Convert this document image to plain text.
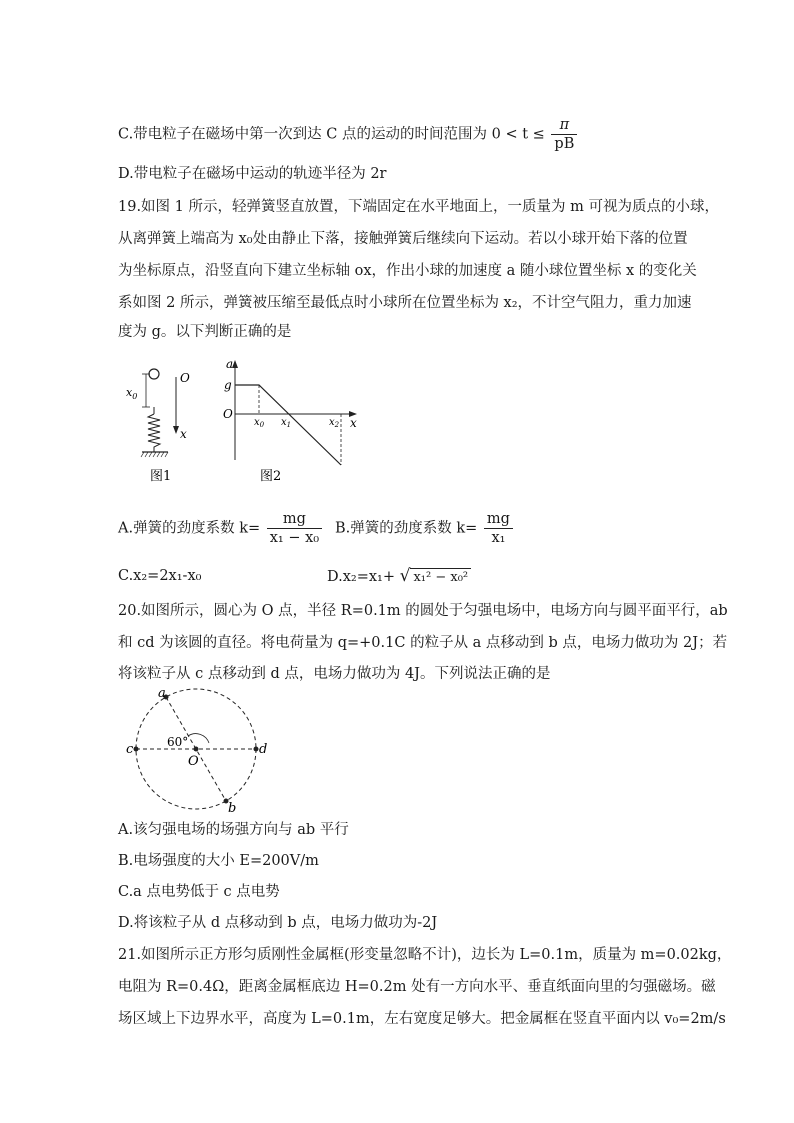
C.带电粒子在磁场中第一次到达 C 点的运动的时间范围为 $0 < t \le \frac{\pi}{pB}$
D.带电粒子在磁场中运动的轨迹半径为 2r
19.如图 1 所示，轻弹簧竖直放置，下端固定在水平地面上，一质量为 m 可视为质点的小球，
从离弹簧上端高为 x₀处由静止下落，接触弹簧后继续向下运动。若以小球开始下落的位置
为坐标原点，沿竖直向下建立坐标轴 ox，作出小球的加速度 a 随小球位置坐标 x 的变化关
系如图 2 所示，弹簧被压缩至最低点时小球所在位置坐标为 x₂，不计空气阻力，重力加速
度为 g。以下判断正确的是
$x_0$
O
x
图1
a
x
g
O
$x_0$ $x_1$	$x_2$
图2
A.弹簧的劲度系数 $k= \frac{mg}{\text{x₁ − x₀}} B$.弹簧的劲度系数 $k= \frac{mg}{\text{x₁}}$
C.x₂=2x₁-x₀	D.x₂=x₁+ √ x₁² − x₀²
20.如图所示，圆心为 O 点，半径 R=0.1m 的圆处于匀强电场中，电场方向与圆平面平行，ab
和 cd 为该圆的直径。将电荷量为 q=+0.1C 的粒子从 a 点移动到 b 点，电场力做功为 2J；若
将该粒子从 c 点移动到 d 点，电场力做功为 4J。下列说法正确的是
a
b
c	d
O
60°
A.该匀强电场的场强方向与 ab 平行
B.电场强度的大小 E=200V/m
C.a 点电势低于 c 点电势
D.将该粒子从 d 点移动到 b 点，电场力做功为-2J
21.如图所示正方形匀质刚性金属框(形变量忽略不计)，边长为 L=0.1m，质量为 m=0.02kg，
电阻为 R=0.4Ω，距离金属框底边 H=0.2m 处有一方向水平、垂直纸面向里的匀强磁场。磁
场区域上下边界水平，高度为 L=0.1m，左右宽度足够大。把金属框在竖直平面内以 v₀=2m/s
